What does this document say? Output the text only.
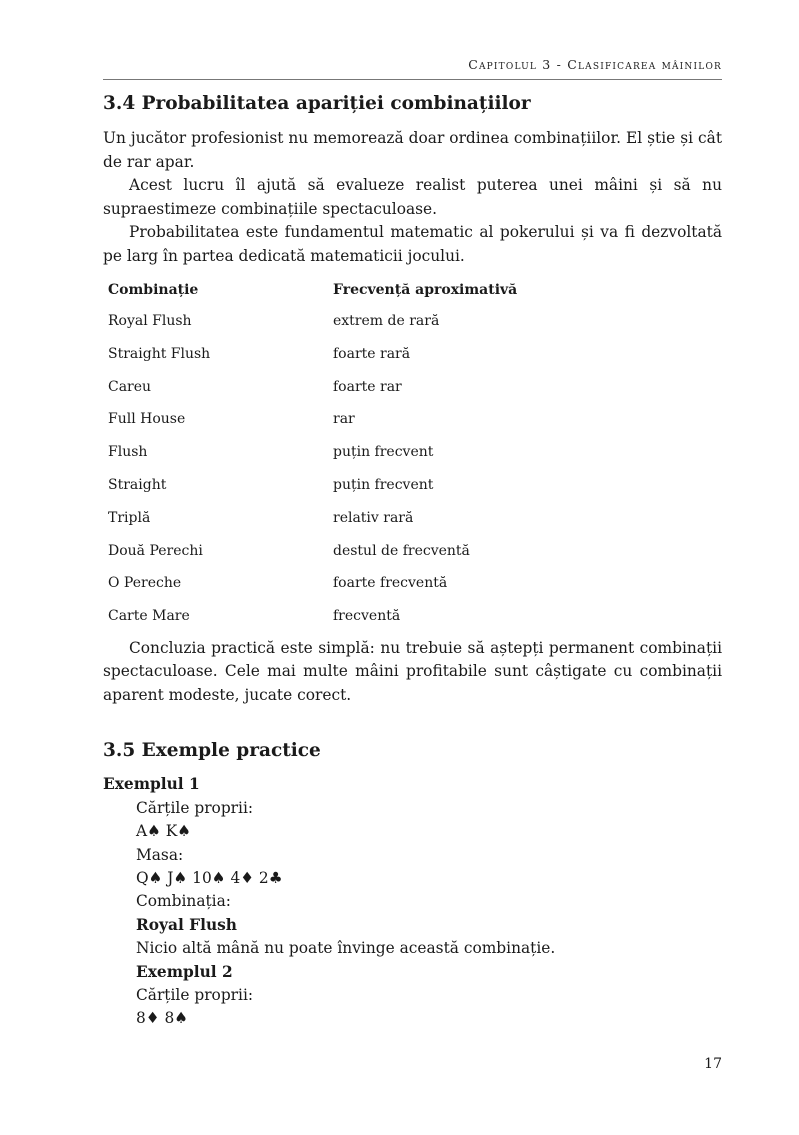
Capitolul 3 - Clasificarea mâinilor
3.4 Probabilitatea apariției combinațiilor

Un jucător profesionist nu memorează doar ordinea combinațiilor. El știe și cât de rar apar.

Acest lucru îl ajută să evalueze realist puterea unei mâini și să nu supraestimeze combinațiile spectaculoase.

Probabilitatea este fundamentul matematic al pokerului și va fi dezvoltată pe larg în partea dedicată matematicii jocului.

Combinație	Frecvență aproximativă
Royal Flush	extrem de rară
Straight Flush	foarte rară
Careu	foarte rar
Full House	rar
Flush	puțin frecvent
Straight	puțin frecvent
Triplă	relativ rară
Două Perechi	destul de frecventă
O Pereche	foarte frecventă
Carte Mare	frecventă

Concluzia practică este simplă: nu trebuie să aștepți permanent combinații spectaculoase. Cele mai multe mâini profitabile sunt câștigate cu combinații aparent modeste, jucate corect.

3.5 Exemple practice
Exemplul 1
Cărțile proprii:
A♠ K♠
Masa:
Q♠ J♠ 10♠ 4♦ 2♣
Combinația:
Royal Flush
Nicio altă mână nu poate învinge această combinație.
Exemplul 2
Cărțile proprii:
8♦ 8♠
17
